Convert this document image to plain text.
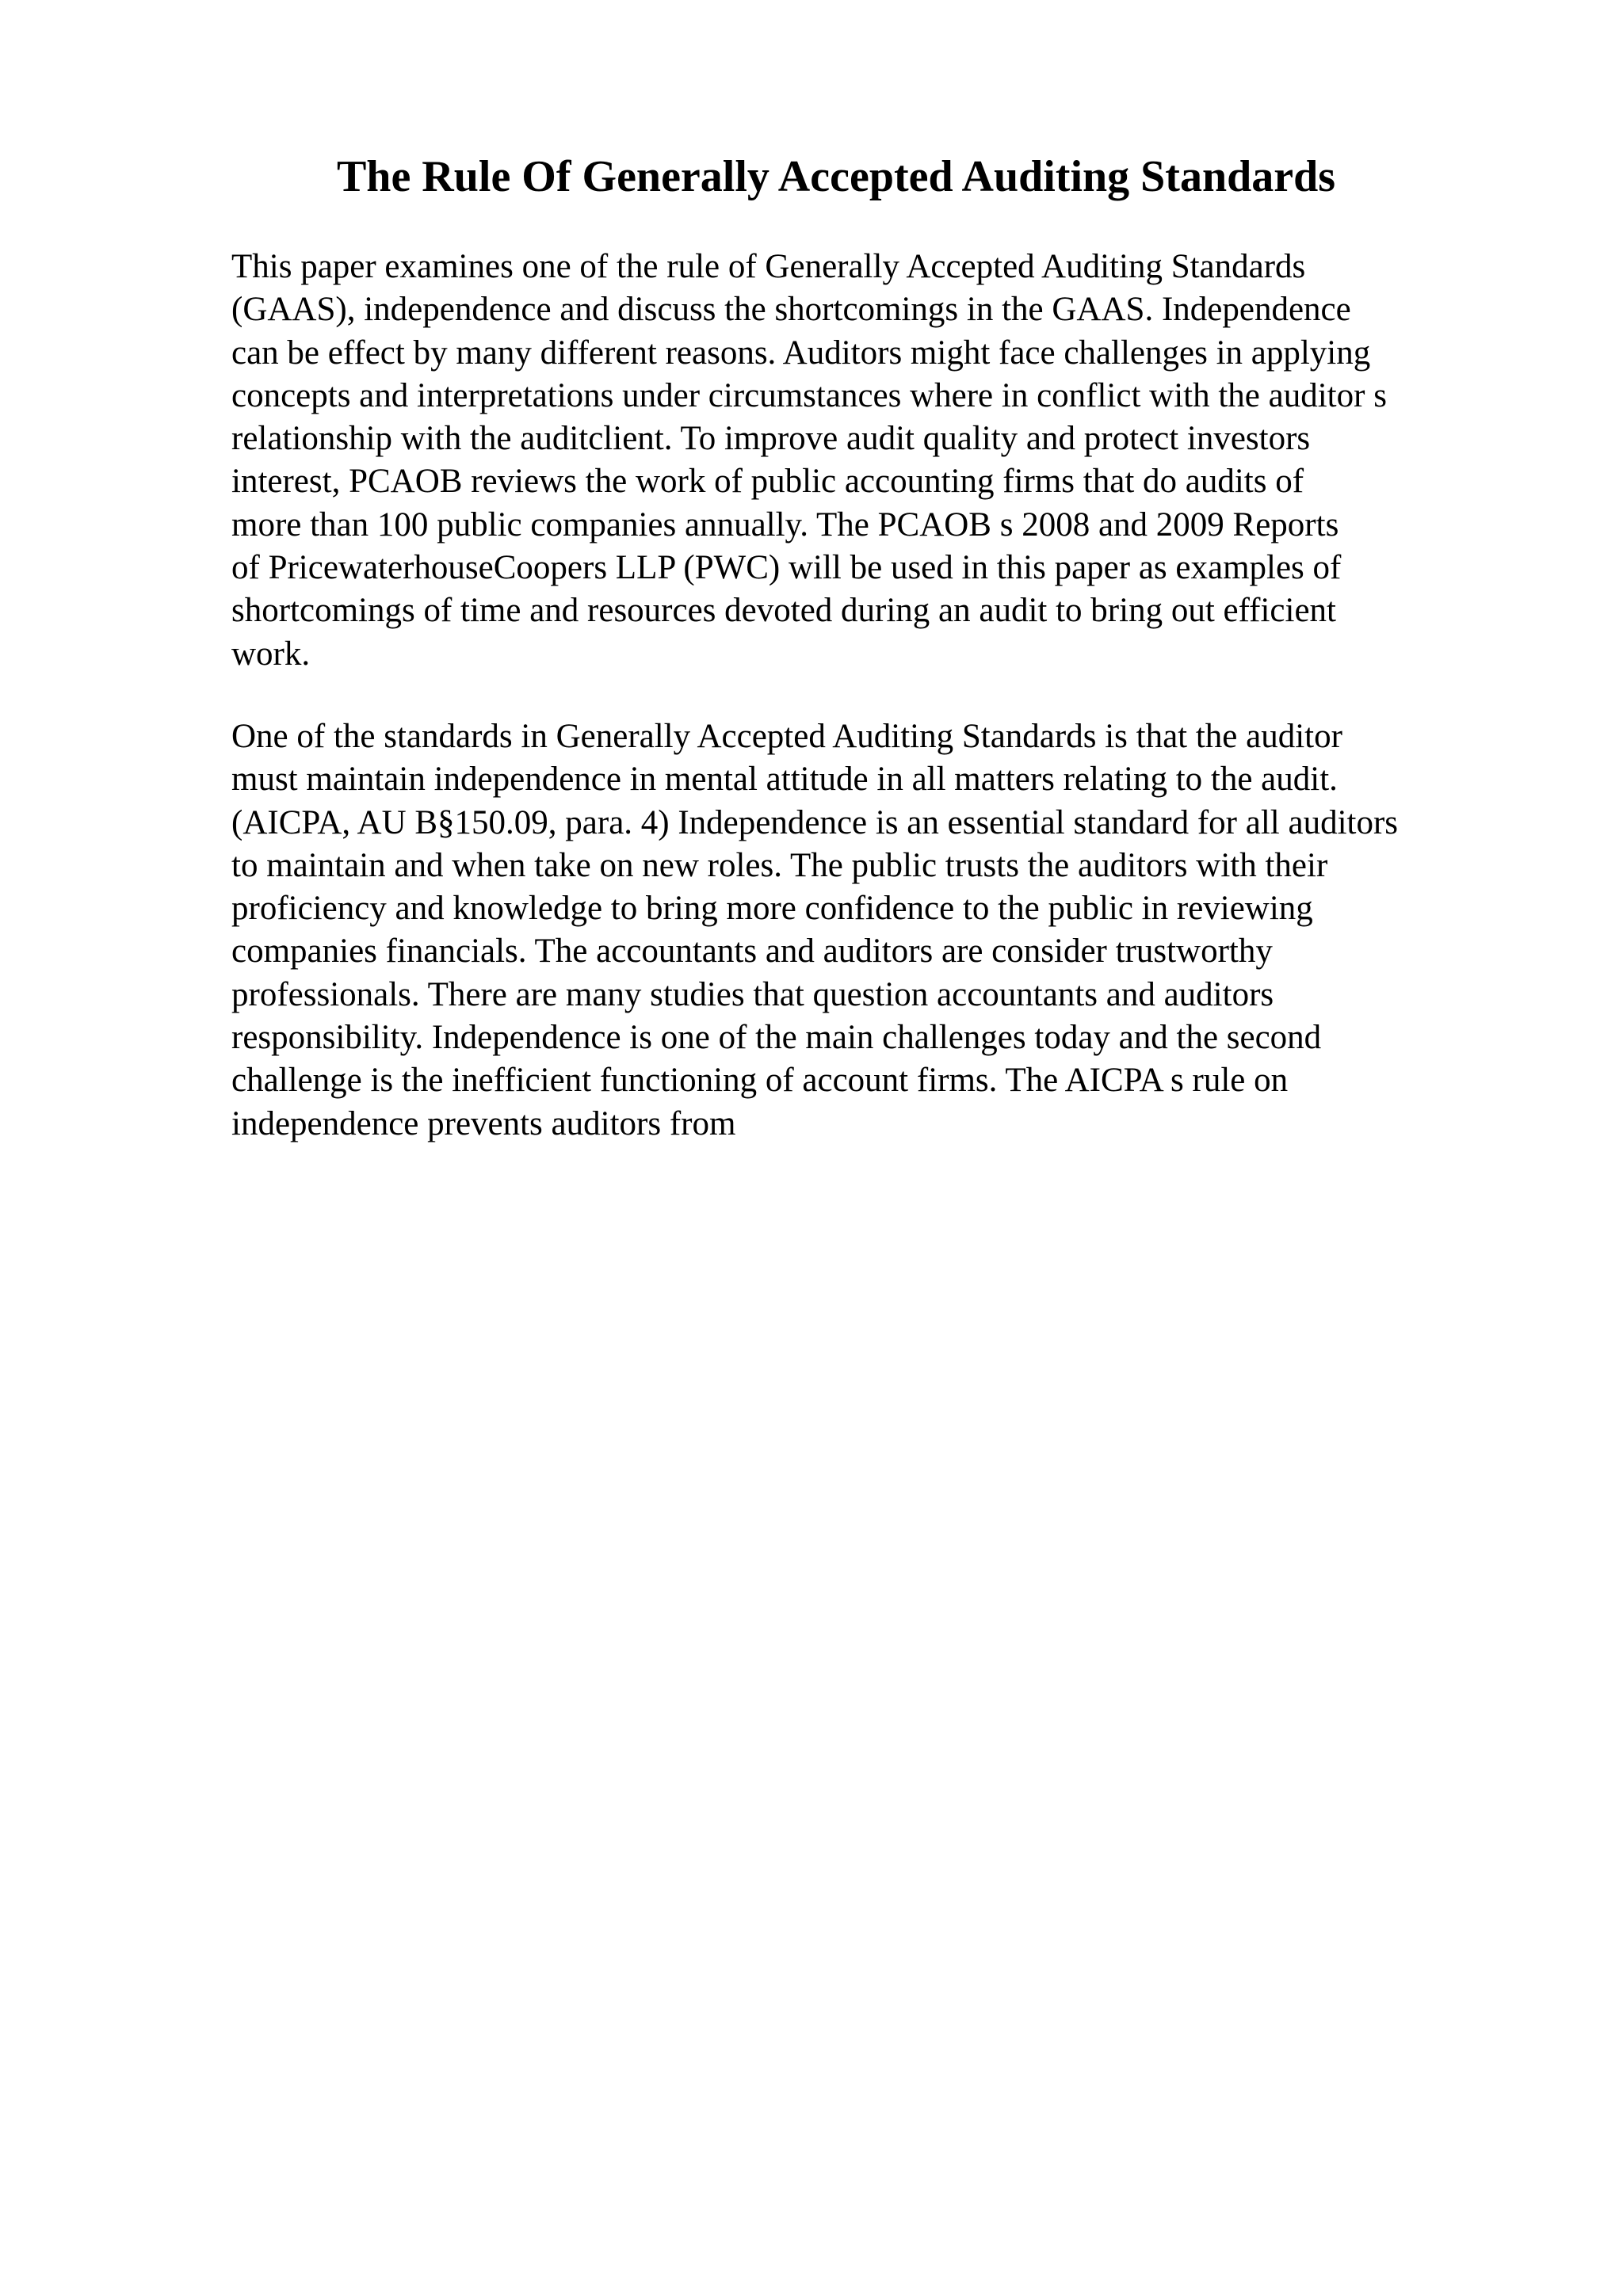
The Rule Of Generally Accepted Auditing Standards

This paper examines one of the rule of Generally Accepted Auditing Standards
(GAAS), independence and discuss the shortcomings in the GAAS. Independence
can be effect by many different reasons. Auditors might face challenges in applying
concepts and interpretations under circumstances where in conflict with the auditor s
relationship with the auditclient. To improve audit quality and protect investors
interest, PCAOB reviews the work of public accounting firms that do audits of
more than 100 public companies annually. The PCAOB s 2008 and 2009 Reports
of PricewaterhouseCoopers LLP (PWC) will be used in this paper as examples of
shortcomings of time and resources devoted during an audit to bring out efficient
work.

One of the standards in Generally Accepted Auditing Standards is that the auditor
must maintain independence in mental attitude in all matters relating to the audit.
(AICPA, AU B§150.09, para. 4) Independence is an essential standard for all auditors
to maintain and when take on new roles. The public trusts the auditors with their
proficiency and knowledge to bring more confidence to the public in reviewing
companies financials. The accountants and auditors are consider trustworthy
professionals. There are many studies that question accountants and auditors
responsibility. Independence is one of the main challenges today and the second
challenge is the inefficient functioning of account firms. The AICPA s rule on
independence prevents auditors from
